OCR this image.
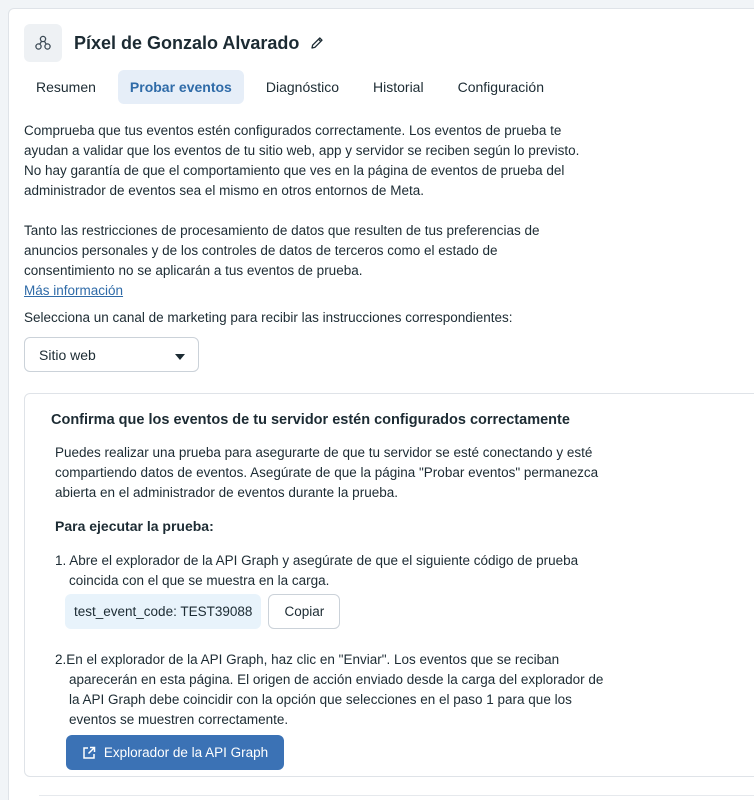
Píxel de Gonzalo Alvarado
Resumen	Probar eventos	Diagnóstico	Historial	Configuración

Comprueba que tus eventos estén configurados correctamente. Los eventos de prueba te ayudan a validar que los eventos de tu sitio web, app y servidor se reciben según lo previsto. No hay garantía de que el comportamiento que ves en la página de eventos de prueba del administrador de eventos sea el mismo en otros entornos de Meta.

Tanto las restricciones de procesamiento de datos que resulten de tus preferencias de anuncios personales y de los controles de datos de terceros como el estado de consentimiento no se aplicarán a tus eventos de prueba.
Más información

Selecciona un canal de marketing para recibir las instrucciones correspondientes:
Sitio web
Confirma que los eventos de tu servidor estén configurados correctamente
Puedes realizar una prueba para asegurarte de que tu servidor se esté conectando y esté compartiendo datos de eventos. Asegúrate de que la página "Probar eventos" permanezca abierta en el administrador de eventos durante la prueba.
Para ejecutar la prueba:
1. Abre el explorador de la API Graph y asegúrate de que el siguiente código de prueba
coincida con el que se muestra en la carga.
test_event_code: TEST39088	Copiar
2.En el explorador de la API Graph, haz clic en "Enviar". Los eventos que se reciban
aparecerán en esta página. El origen de acción enviado desde la carga del explorador de la API Graph debe coincidir con la opción que selecciones en el paso 1 para que los eventos se muestren correctamente.
Explorador de la API Graph
